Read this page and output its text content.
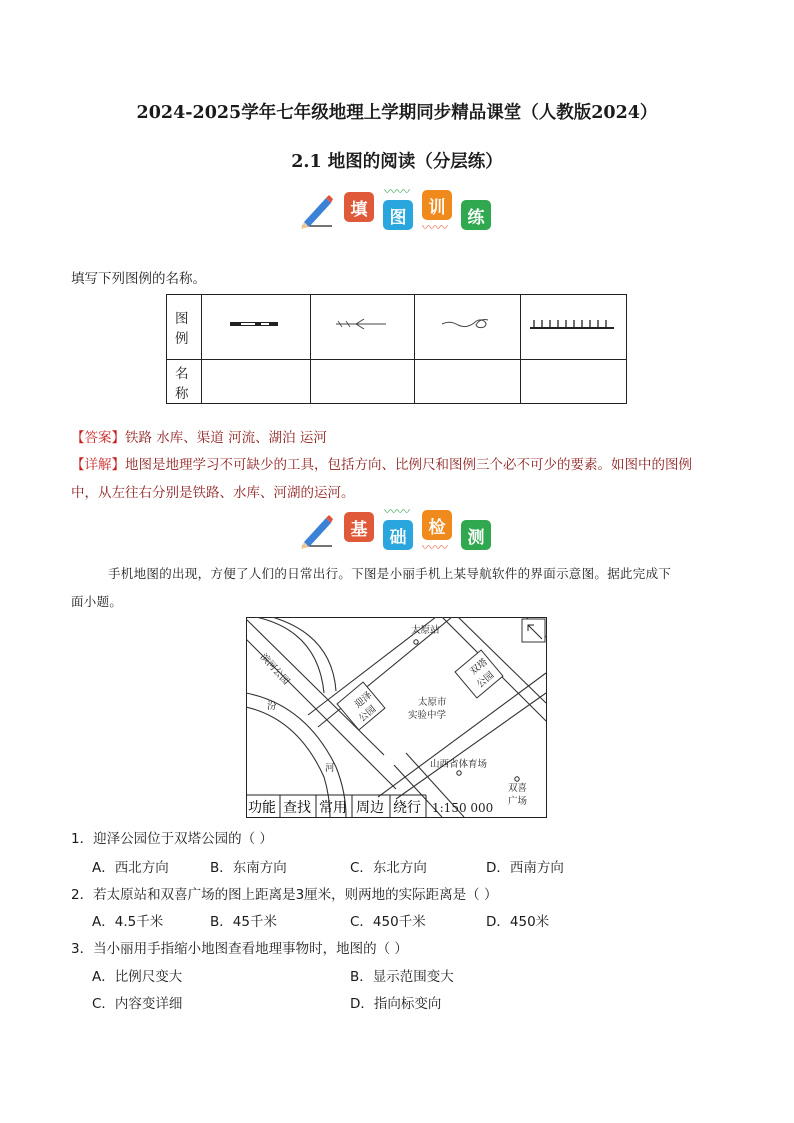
2024-2025学年七年级地理上学期同步精品课堂（人教版2024）
2.1 地图的阅读（分层练）
填
〰〰
图	训
〰〰
练
填写下列图例的名称。
图例				
名称				
【答案】铁路 水库、渠道 河流、湖泊 运河
【详解】地图是地理学习不可缺少的工具，包括方向、比例尺和图例三个必不可少的要素。如图中的图例
中，从左往右分别是铁路、水库、河湖的运河。
基
〰〰
础	检
〰〰
测
手机地图的出现，方便了人们的日常出行。下图是小丽手机上某导航软件的界面示意图。据此完成下
面小题。
滨河公园
太原站
双塔
公园
迎泽
公园
太原市
实验中学
汾
河	山西省体育场
双喜
广场
功能 查找 常用 周边 绕行 1:150 000
1．迎泽公园位于双塔公园的（ ）
A．西北方向	B．东南方向	C．东北方向	D．西南方向
2．若太原站和双喜广场的图上距离是3厘米，则两地的实际距离是（ ）
A．4.5千米	B．45千米	C．450千米	D．450米
3．当小丽用手指缩小地图查看地理事物时，地图的（ ）
A．比例尺变大	B．显示范围变大
C．内容变详细	D．指向标变向
